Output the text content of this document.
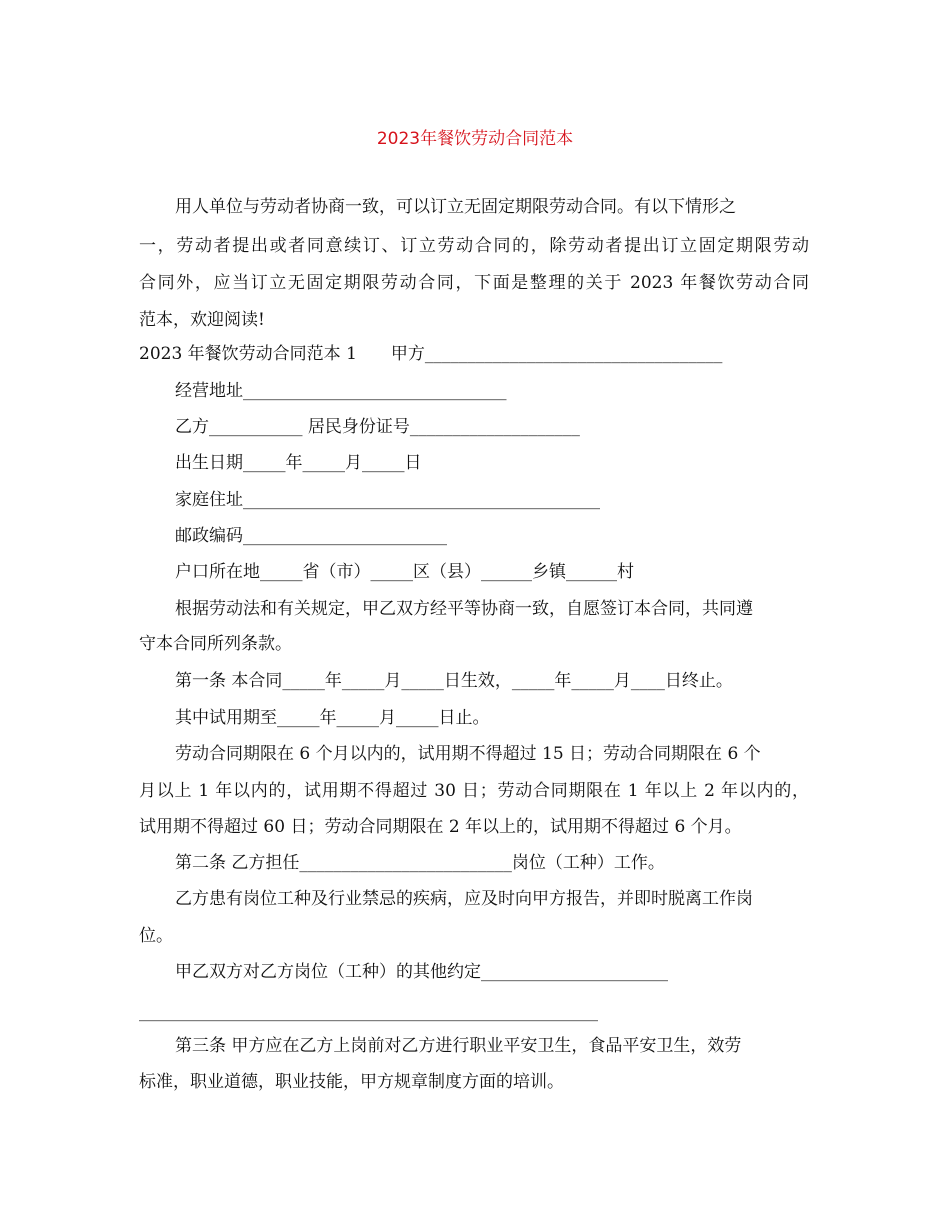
2023年餐饮劳动合同范本
用人单位与劳动者协商一致，可以订立无固定期限劳动合同。有以下情形之
一，劳动者提出或者同意续订、订立劳动合同的，除劳动者提出订立固定期限劳动
合同外，应当订立无固定期限劳动合同，下面是整理的关于 2023 年餐饮劳动合同
范本，欢迎阅读!
2023 年餐饮劳动合同范本 1　　甲方___________________________________
经营地址_______________________________
乙方___________ 居民身份证号____________________
出生日期_____年_____月_____日
家庭住址__________________________________________
邮政编码________________________
户口所在地_____省（市）_____区（县）______乡镇______村
根据劳动法和有关规定，甲乙双方经平等协商一致，自愿签订本合同，共同遵
守本合同所列条款。
第一条 本合同_____年_____月_____日生效，_____年_____月____日终止。
其中试用期至_____年_____月_____日止。
劳动合同期限在 6 个月以内的，试用期不得超过 15 日；劳动合同期限在 6 个
月以上 1 年以内的，试用期不得超过 30 日；劳动合同期限在 1 年以上 2 年以内的，
试用期不得超过 60 日；劳动合同期限在 2 年以上的，试用期不得超过 6 个月。
第二条 乙方担任_________________________岗位（工种）工作。
乙方患有岗位工种及行业禁忌的疾病，应及时向甲方报告，并即时脱离工作岗
位。
甲乙双方对乙方岗位（工种）的其他约定______________________
______________________________________________________
第三条 甲方应在乙方上岗前对乙方进行职业平安卫生，食品平安卫生，效劳
标准，职业道德，职业技能，甲方规章制度方面的培训。
